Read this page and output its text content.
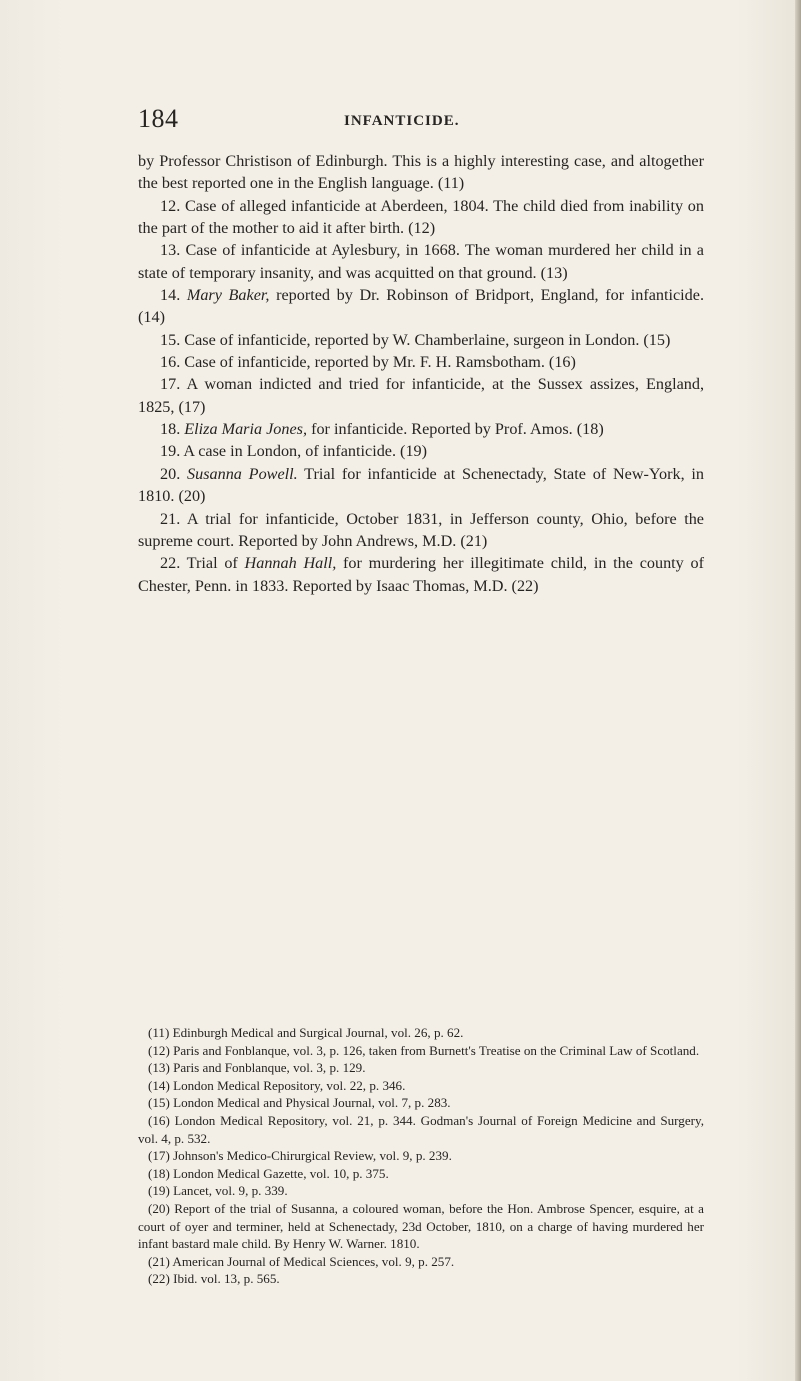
184	INFANTICIDE.

by Professor Christison of Edinburgh. This is a highly interesting case, and altogether the best reported one in the English language. (11)

12. Case of alleged infanticide at Aberdeen, 1804. The child died from inability on the part of the mother to aid it after birth. (12)

13. Case of infanticide at Aylesbury, in 1668. The woman murdered her child in a state of temporary insanity, and was acquitted on that ground. (13)

14. Mary Baker, reported by Dr. Robinson of Bridport, England, for infanticide. (14)

15. Case of infanticide, reported by W. Chamberlaine, surgeon in London. (15)

16. Case of infanticide, reported by Mr. F. H. Ramsbotham. (16)

17. A woman indicted and tried for infanticide, at the Sussex assizes, England, 1825, (17)

18. Eliza Maria Jones, for infanticide. Reported by Prof. Amos. (18)

19. A case in London, of infanticide. (19)

20. Susanna Powell. Trial for infanticide at Schenectady, State of New-York, in 1810. (20)

21. A trial for infanticide, October 1831, in Jefferson county, Ohio, before the supreme court. Reported by John Andrews, M.D. (21)

22. Trial of Hannah Hall, for murdering her illegitimate child, in the county of Chester, Penn. in 1833. Reported by Isaac Thomas, M.D. (22)

(11) Edinburgh Medical and Surgical Journal, vol. 26, p. 62.

(12) Paris and Fonblanque, vol. 3, p. 126, taken from Burnett's Treatise on the Criminal Law of Scotland.

(13) Paris and Fonblanque, vol. 3, p. 129.

(14) London Medical Repository, vol. 22, p. 346.

(15) London Medical and Physical Journal, vol. 7, p. 283.

(16) London Medical Repository, vol. 21, p. 344. Godman's Journal of Foreign Medicine and Surgery, vol. 4, p. 532.

(17) Johnson's Medico-Chirurgical Review, vol. 9, p. 239.

(18) London Medical Gazette, vol. 10, p. 375.

(19) Lancet, vol. 9, p. 339.

(20) Report of the trial of Susanna, a coloured woman, before the Hon. Ambrose Spencer, esquire, at a court of oyer and terminer, held at Schenectady, 23d October, 1810, on a charge of having murdered her infant bastard male child. By Henry W. Warner. 1810.

(21) American Journal of Medical Sciences, vol. 9, p. 257.

(22) Ibid. vol. 13, p. 565.
